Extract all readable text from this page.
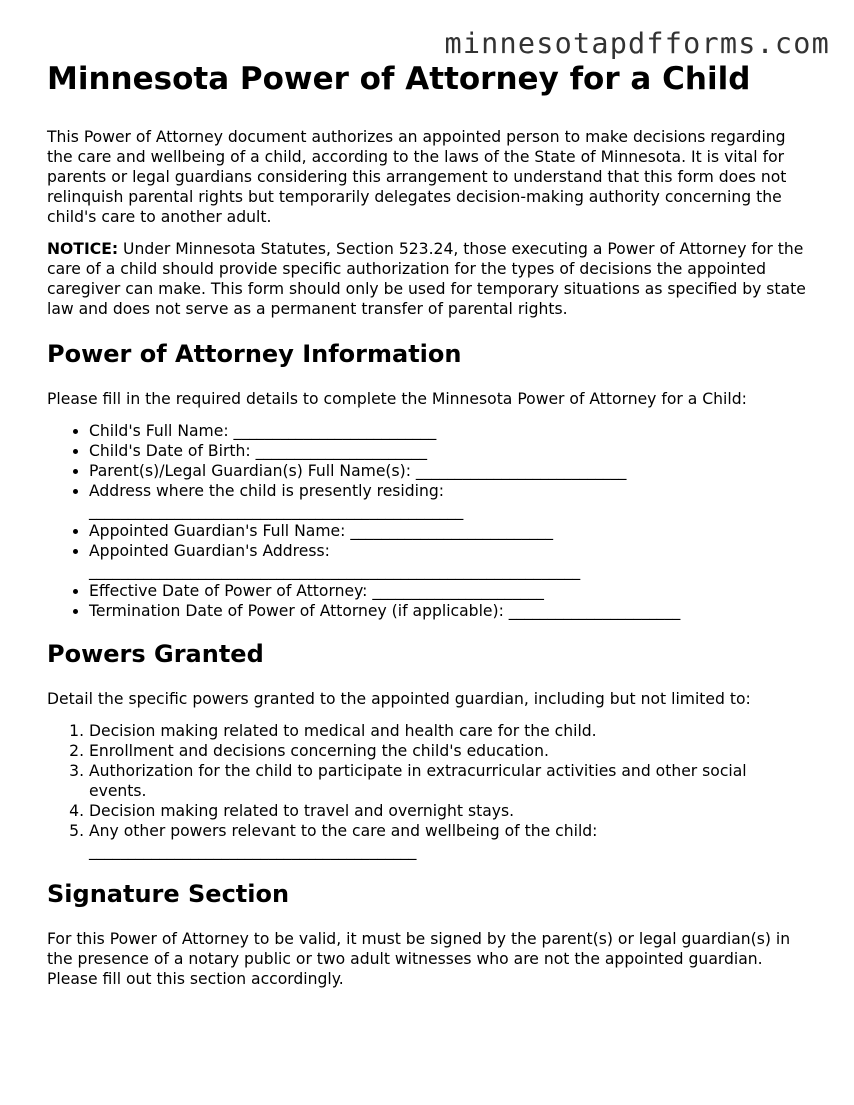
minnesotapdfforms.com
Minnesota Power of Attorney for a Child

This Power of Attorney document authorizes an appointed person to make decisions regarding the care and wellbeing of a child, according to the laws of the State of Minnesota. It is vital for parents or legal guardians considering this arrangement to understand that this form does not relinquish parental rights but temporarily delegates decision-making authority concerning the child's care to another adult.

NOTICE: Under Minnesota Statutes, Section 523.24, those executing a Power of Attorney for the care of a child should provide specific authorization for the types of decisions the appointed caregiver can make. This form should only be used for temporary situations as specified by state law and does not serve as a permanent transfer of parental rights.

Power of Attorney Information

Please fill in the required details to complete the Minnesota Power of Attorney for a Child:

• Child's Full Name: __________________________
• Child's Date of Birth: ______________________
• Parent(s)/Legal Guardian(s) Full Name(s): ___________________________
• Address where the child is presently residing: ________________________________________________
• Appointed Guardian's Full Name: __________________________
• Appointed Guardian's Address: _______________________________________________________________
• Effective Date of Power of Attorney: ______________________
• Termination Date of Power of Attorney (if applicable): ______________________
Powers Granted

Detail the specific powers granted to the appointed guardian, including but not limited to:

1. Decision making related to medical and health care for the child.
2. Enrollment and decisions concerning the child's education.
3. Authorization for the child to participate in extracurricular activities and other social events.
4. Decision making related to travel and overnight stays.
5. Any other powers relevant to the care and wellbeing of the child: __________________________________________
Signature Section

For this Power of Attorney to be valid, it must be signed by the parent(s) or legal guardian(s) in the presence of a notary public or two adult witnesses who are not the appointed guardian. Please fill out this section accordingly.
